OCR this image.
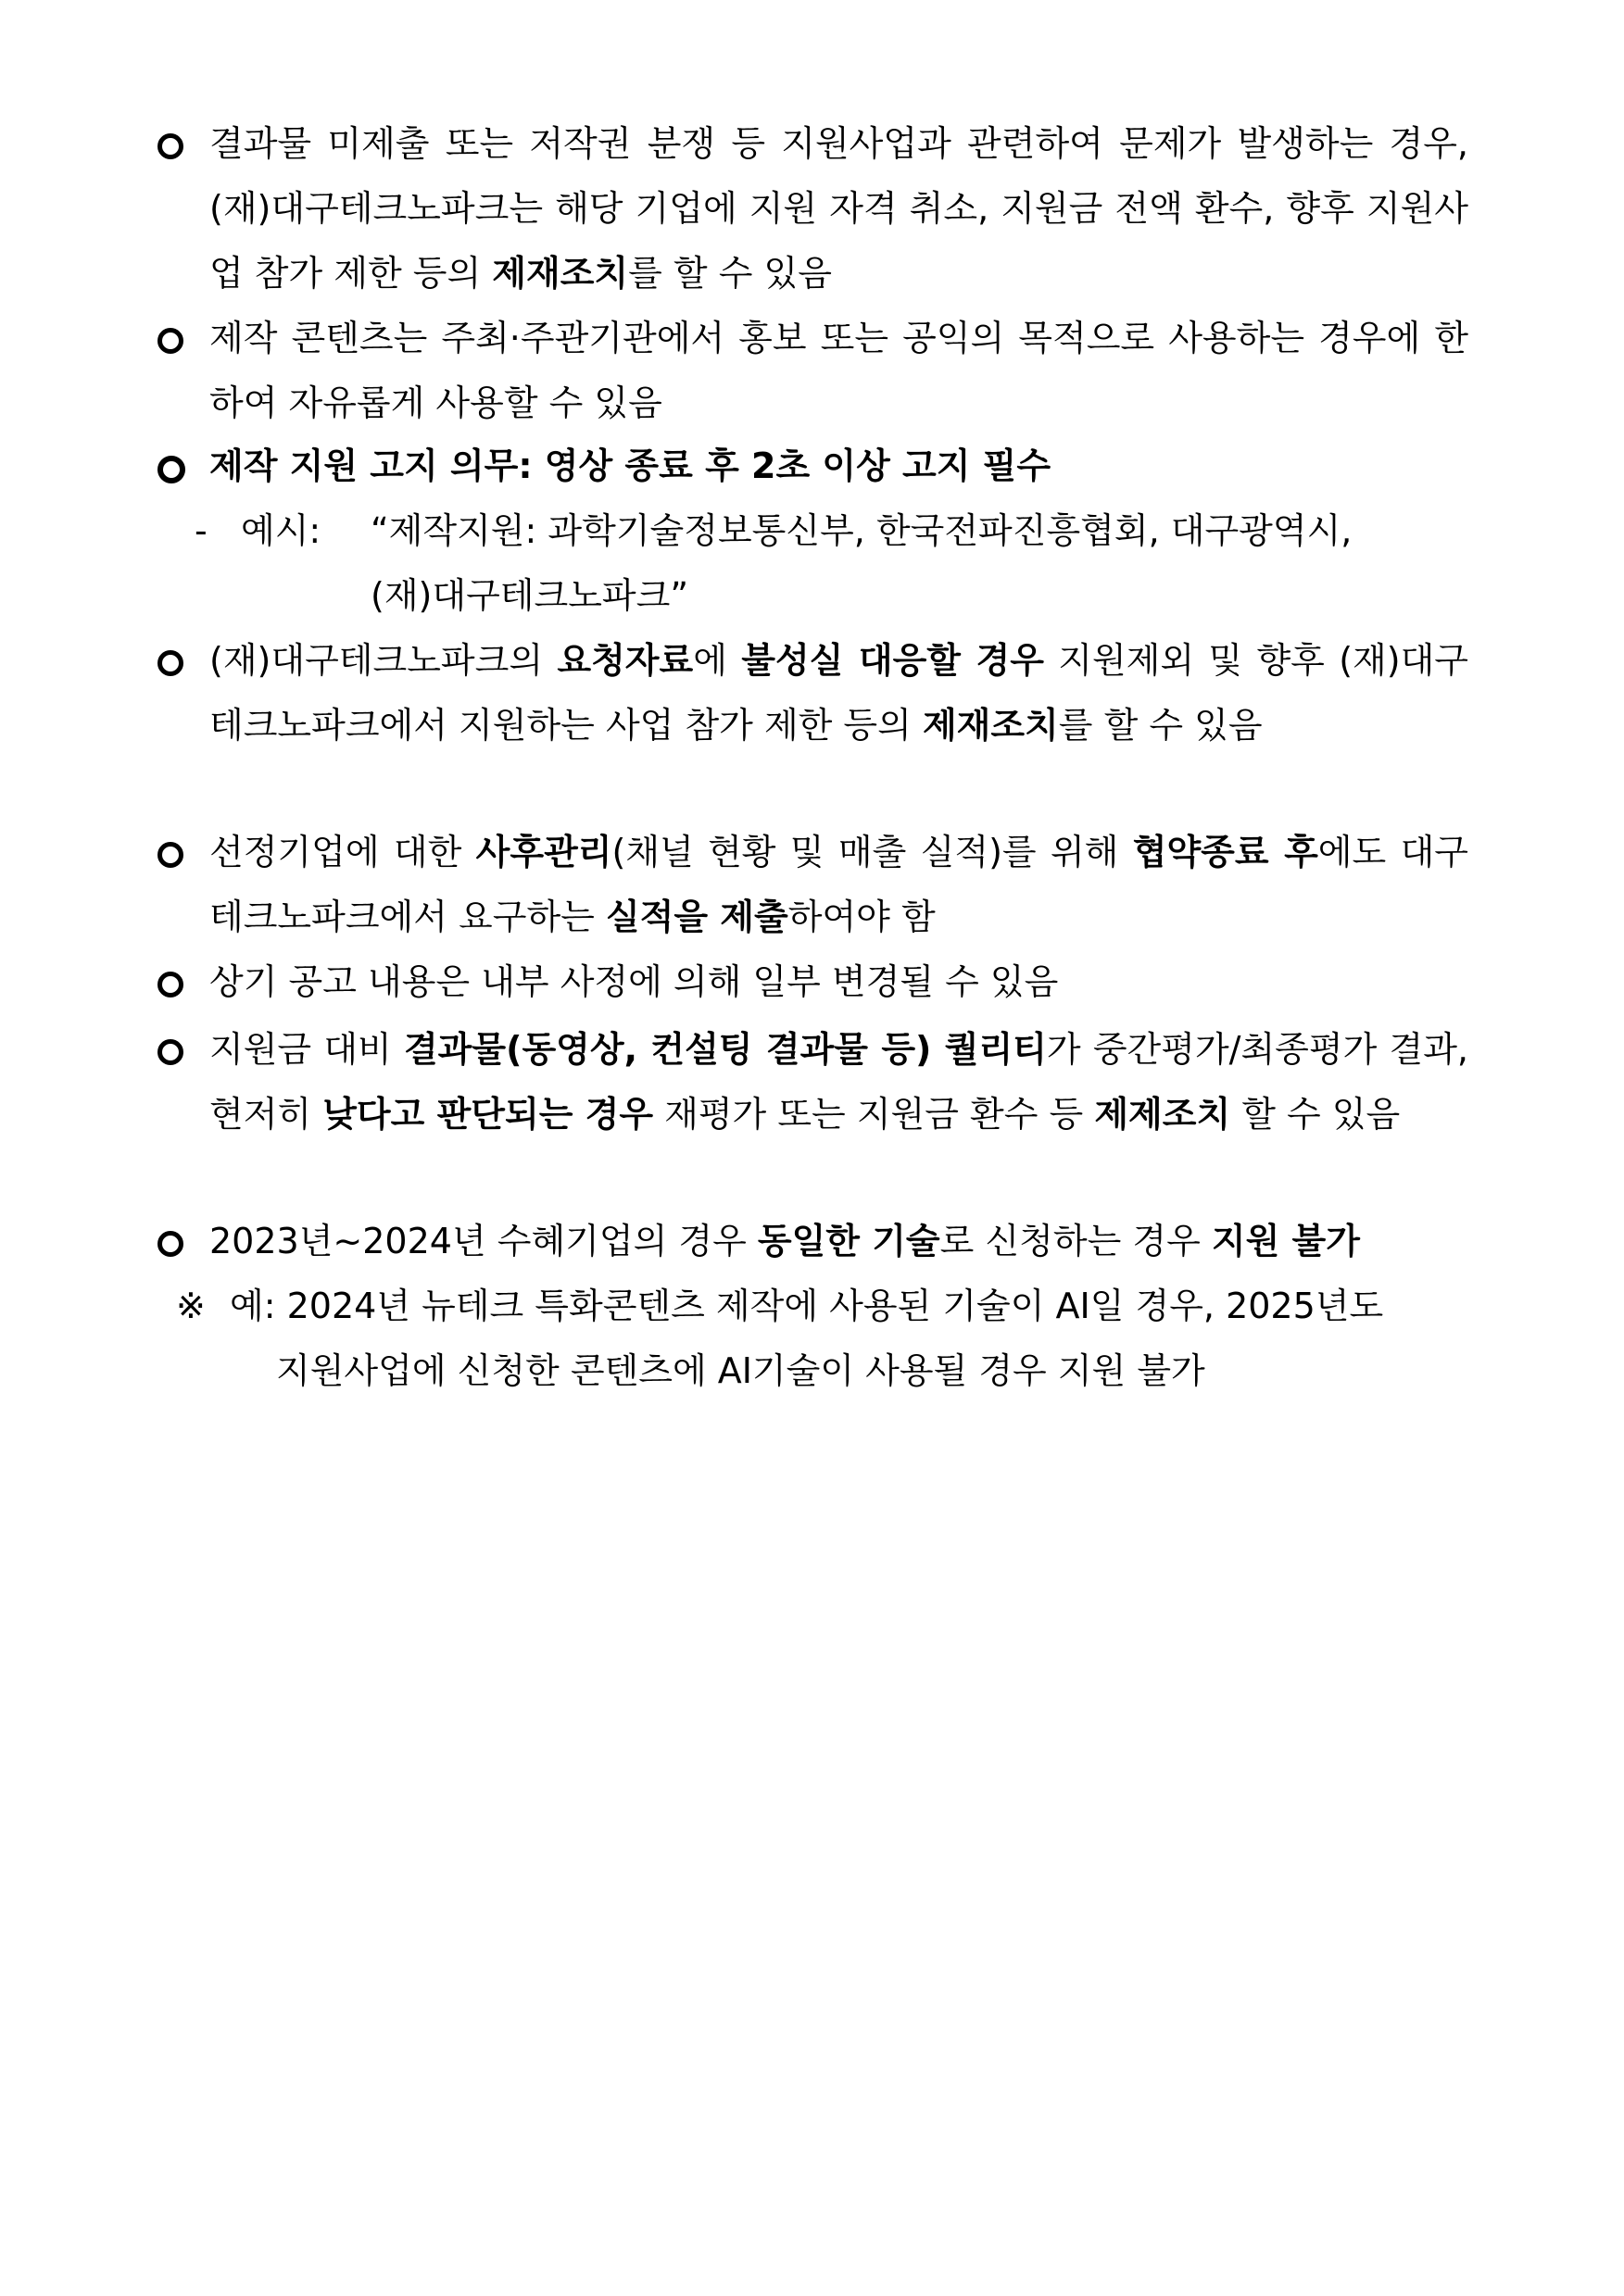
결과물 미제출 또는 저작권 분쟁 등 지원사업과 관련하여 문제가 발생하는 경우, (재)대구테크노파크는 해당 기업에 지원 자격 취소, 지원금 전액 환수, 향후 지원사업 참가 제한 등의 제재조치를 할 수 있음
제작 콘텐츠는 주최·주관기관에서 홍보 또는 공익의 목적으로 사용하는 경우에 한하여 자유롭게 사용할 수 있음
제작 지원 고지 의무: 영상 종료 후 2초 이상 고지 필수
- 예시: “제작지원: 과학기술정보통신부, 한국전파진흥협회, 대구광역시,
(재)대구테크노파크”
(재)대구테크노파크의 요청자료에 불성실 대응할 경우 지원제외 및 향후 (재)대구테크노파크에서 지원하는 사업 참가 제한 등의 제재조치를 할 수 있음
선정기업에 대한 사후관리(채널 현황 및 매출 실적)를 위해 협약종료 후에도 대구테크노파크에서 요구하는 실적을 제출하여야 함
상기 공고 내용은 내부 사정에 의해 일부 변경될 수 있음
지원금 대비 결과물(동영상, 컨설팅 결과물 등) 퀄리티가 중간평가/최종평가 결과, 현저히 낮다고 판단되는 경우 재평가 또는 지원금 환수 등 제제조치 할 수 있음
2023년~2024년 수혜기업의 경우 동일한 기술로 신청하는 경우 지원 불가
※ 예: 2024년 뉴테크 특화콘텐츠 제작에 사용된 기술이 AI일 경우, 2025년도
지원사업에 신청한 콘텐츠에 AI기술이 사용될 경우 지원 불가
